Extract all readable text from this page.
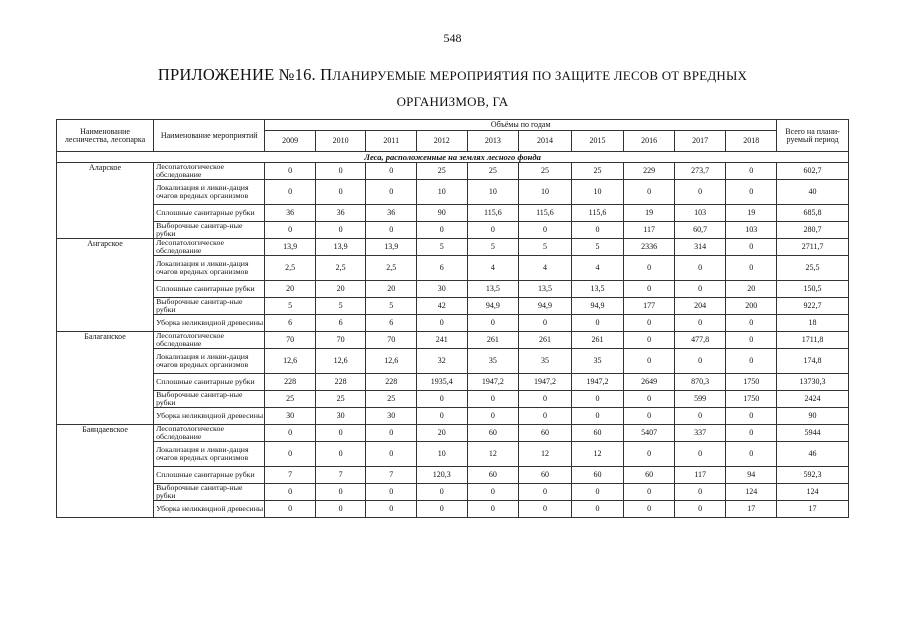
548
ПРИЛОЖЕНИЕ №16. ПЛАНИРУЕМЫЕ МЕРОПРИЯТИЯ ПО ЗАЩИТЕ ЛЕСОВ ОТ ВРЕДНЫХ
ОРГАНИЗМОВ, ГА
Наименование лесничества, лесопарка	Наименование мероприятий	Объёмы по годам										Всего на плани-руемый период
		2009	2010	2011	2012	2013	2014	2015	2016	2017	2018	
Леса, расположенные на землях лесного фонда												
Аларское	Лесопатологическое обследование	0	0	0	25	25	25	25	229	273,7	0	602,7
	Локализация и ликви-дация очагов вредных организмов	0	0	0	10	10	10	10	0	0	0	40
	Сплошные санитарные рубки	36	36	36	90	115,6	115,6	115,6	19	103	19	685,8
	Выборочные санитар-ные рубки	0	0	0	0	0	0	0	117	60,7	103	280,7
Ангарское	Лесопатологическое обследование	13,9	13,9	13,9	5	5	5	5	2336	314	0	2711,7
	Локализация и ликви-дация очагов вредных организмов	2,5	2,5	2,5	6	4	4	4	0	0	0	25,5
	Сплошные санитарные рубки	20	20	20	30	13,5	13,5	13,5	0	0	20	150,5
	Выборочные санитар-ные рубки	5	5	5	42	94,9	94,9	94,9	177	204	200	922,7
	Уборка неликвидной древесины	6	6	6	0	0	0	0	0	0	0	18
Балаганское	Лесопатологическое обследование	70	70	70	241	261	261	261	0	477,8	0	1711,8
	Локализация и ликви-дация очагов вредных организмов	12,6	12,6	12,6	32	35	35	35	0	0	0	174,8
	Сплошные санитарные рубки	228	228	228	1935,4	1947,2	1947,2	1947,2	2649	870,3	1750	13730,3
	Выборочные санитар-ные рубки	25	25	25	0	0	0	0	0	599	1750	2424
	Уборка неликвидной древесины	30	30	30	0	0	0	0	0	0	0	90
Баяндаевское	Лесопатологическое обследование	0	0	0	20	60	60	60	5407	337	0	5944
	Локализация и ликви-дация очагов вредных организмов	0	0	0	10	12	12	12	0	0	0	46
	Сплошные санитарные рубки	7	7	7	120,3	60	60	60	60	117	94	592,3
	Выборочные санитар-ные рубки	0	0	0	0	0	0	0	0	0	124	124
	Уборка неликвидной древесины	0	0	0	0	0	0	0	0	0	17	17
